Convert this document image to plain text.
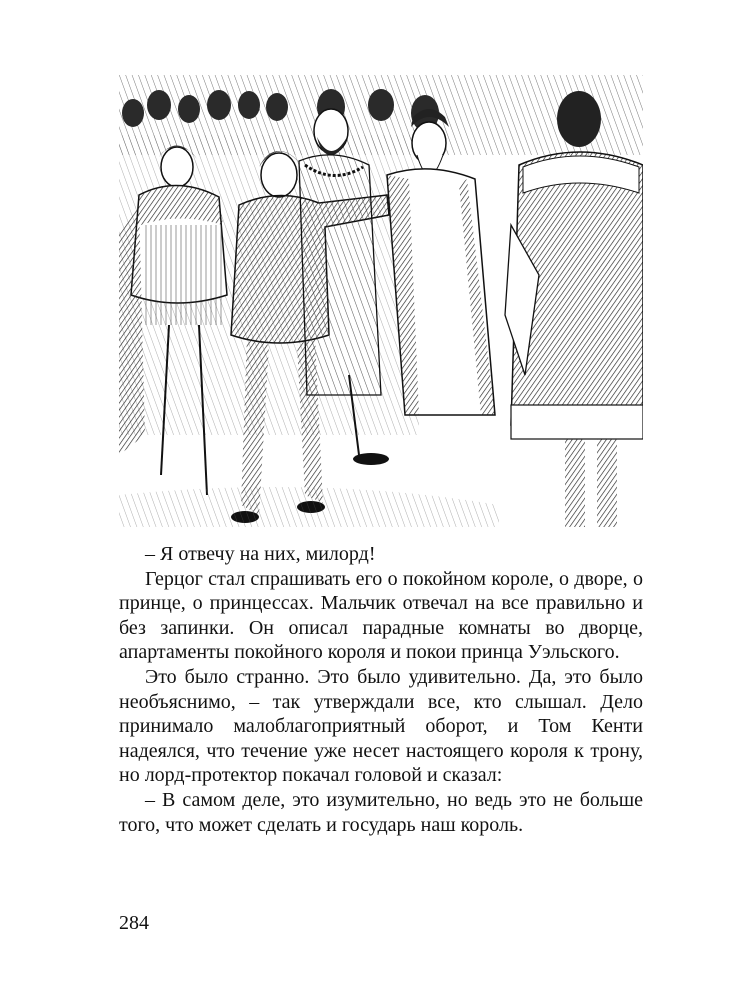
– Я отвечу на них, милорд!

Герцог стал спрашивать его о покойном короле, о дворе, о принце, о принцессах. Мальчик отвечал на все правильно и без запинки. Он описал парадные комнаты во дворце, апартаменты покойного короля и покои принца Уэльского.

Это было странно. Это было удивительно. Да, это было необъяснимо, – так утверждали все, кто слышал. Дело принимало малоблагоприятный оборот, и Том Кенти надеялся, что течение уже несет настоящего короля к трону, но лорд-протектор покачал головой и сказал:

– В самом деле, это изумительно, но ведь это не больше того, что может сделать и государь наш король.

284
